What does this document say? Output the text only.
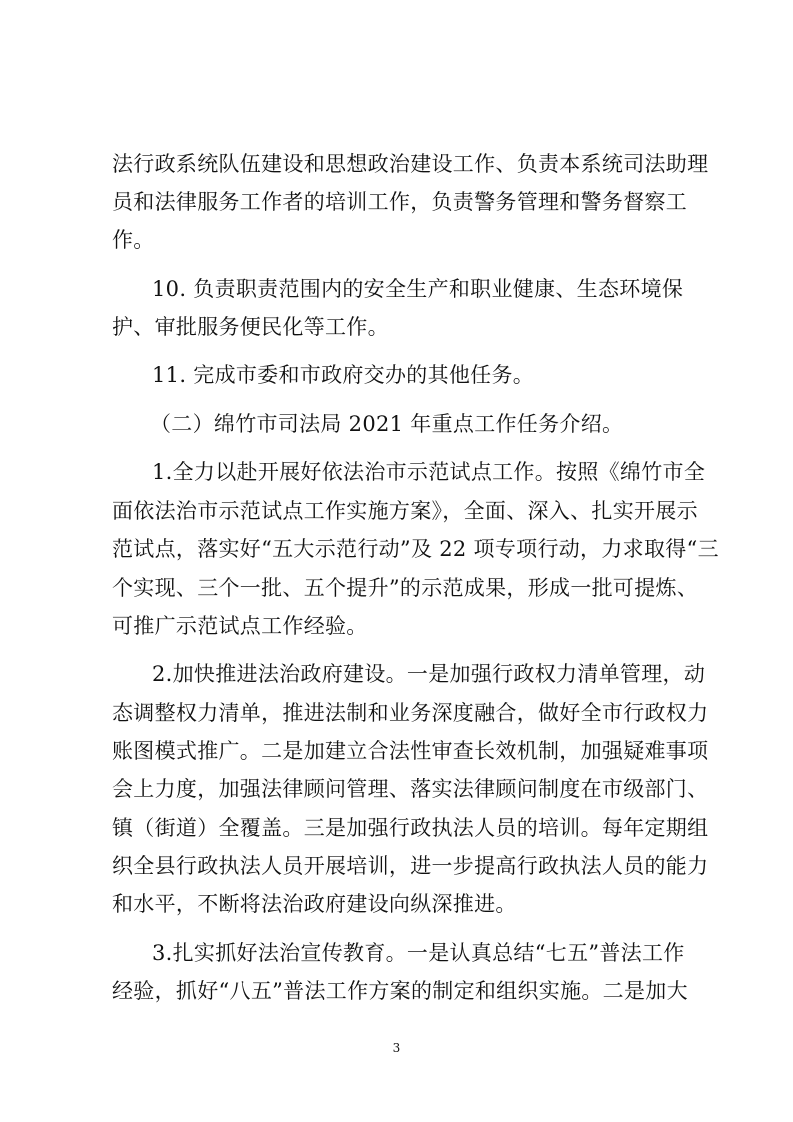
法行政系统队伍建设和思想政治建设工作、负责本系统司法助理
员和法律服务工作者的培训工作，负责警务管理和警务督察工
作。
10. 负责职责范围内的安全生产和职业健康、生态环境保
护、审批服务便民化等工作。
11. 完成市委和市政府交办的其他任务。
（二）绵竹市司法局 2021 年重点工作任务介绍。
1.全力以赴开展好依法治市示范试点工作。按照《绵竹市全
面依法治市示范试点工作实施方案》，全面、深入、扎实开展示
范试点，落实好“五大示范行动”及 22 项专项行动，力求取得“三
个实现、三个一批、五个提升”的示范成果，形成一批可提炼、
可推广示范试点工作经验。
2.加快推进法治政府建设。一是加强行政权力清单管理，动
态调整权力清单，推进法制和业务深度融合，做好全市行政权力
账图模式推广。二是加建立合法性审查长效机制，加强疑难事项
会上力度，加强法律顾问管理、落实法律顾问制度在市级部门、
镇（街道）全覆盖。三是加强行政执法人员的培训。每年定期组
织全县行政执法人员开展培训，进一步提高行政执法人员的能力
和水平，不断将法治政府建设向纵深推进。
3.扎实抓好法治宣传教育。一是认真总结“七五”普法工作
经验，抓好“八五”普法工作方案的制定和组织实施。二是加大
3
